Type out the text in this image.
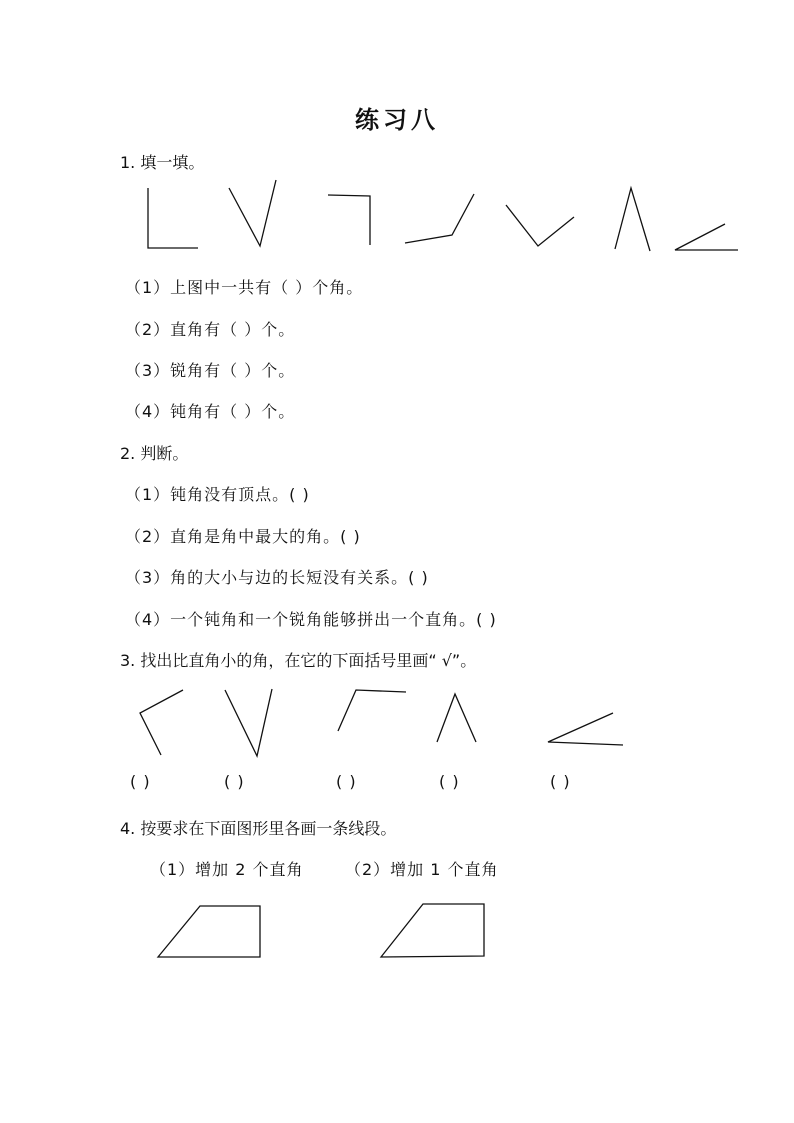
练习八
1. 填一填。
（1）上图中一共有（ ）个角。
（2）直角有（ ）个。
（3）锐角有（ ）个。
（4）钝角有（ ）个。
2. 判断。
（1）钝角没有顶点。( )
（2）直角是角中最大的角。( )
（3）角的大小与边的长短没有关系。( )
（4）一个钝角和一个锐角能够拼出一个直角。( )
3. 找出比直角小的角，在它的下面括号里画“ √”。
( )	( )	( )	( )	( )
4. 按要求在下面图形里各画一条线段。
（1）增加 2 个直角	（2）增加 1 个直角
